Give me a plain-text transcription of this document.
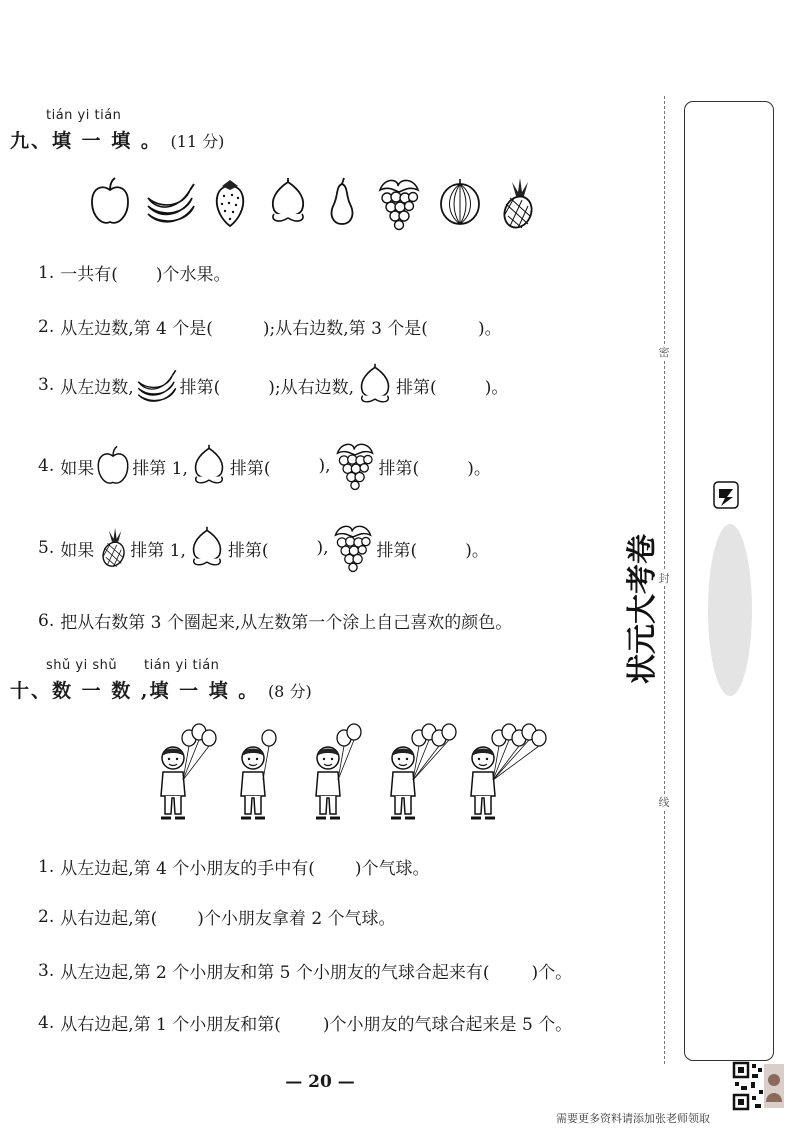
tián yi tián
九、填 一 填 。 (11 分)
1. 一共有( )个水果。
2. 从左边数,第 4 个是(	);从右边数,第 3 个是(	)。
3. 从左边数,	排第(	);从右边数, 排第(	)。
4. 如果 排第 1, 排第(	),	排第(	)。
5. 如果 排第 1, 排第(	),	排第(	)。
6. 把从右数第 3 个圈起来,从左数第一个涂上自己喜欢的颜色。
shǔ yi shǔ tián yi tián
十、数 一 数 ,填 一 填 。 (8 分)
1. 从左边起,第 4 个小朋友的手中有( )个气球。
2. 从右边起,第( )个小朋友拿着 2 个气球。
3. 从左边起,第 2 个小朋友和第 5 个小朋友的气球合起来有( )个。
4. 从右边起,第 1 个小朋友和第( )个小朋友的气球合起来是 5 个。
密
封
线
状元大考卷
— 20 —
需要更多资料请添加张老师领取
